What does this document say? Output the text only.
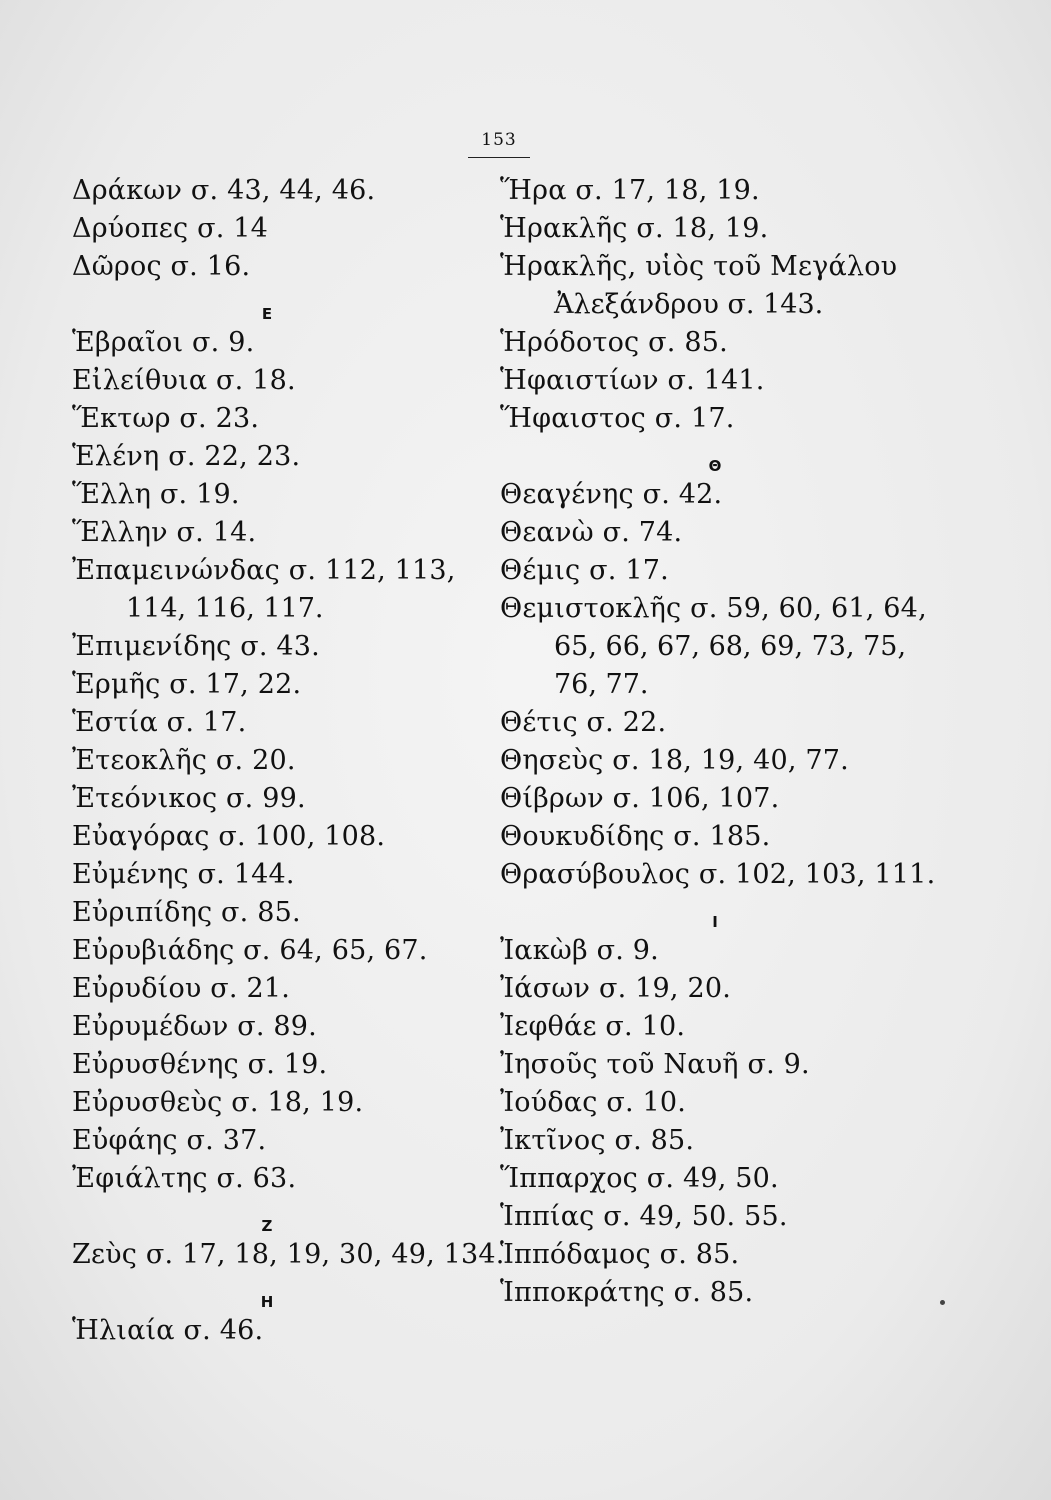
153
Δράκων σ. 43, 44, 46.
Δρύοπες σ. 14
Δῶρος σ. 16.
E
Ἑβραῖοι σ. 9.
Εἰλείθυια σ. 18.
Ἕκτωρ σ. 23.
Ἑλένη σ. 22, 23.
Ἕλλη σ. 19.
Ἕλλην σ. 14.
Ἐπαμεινώνδας σ. 112, 113,
114, 116, 117.
Ἐπιμενίδης σ. 43.
Ἑρμῆς σ. 17, 22.
Ἑστία σ. 17.
Ἐτεοκλῆς σ. 20.
Ἐτεόνικος σ. 99.
Εὐαγόρας σ. 100, 108.
Εὐμένης σ. 144.
Εὐριπίδης σ. 85.
Εὐρυβιάδης σ. 64, 65, 67.
Εὐρυδίου σ. 21.
Εὐρυμέδων σ. 89.
Εὐρυσθένης σ. 19.
Εὐρυσθεὺς σ. 18, 19.
Εὐφάης σ. 37.
Ἐφιάλτης σ. 63.
Z
Ζεὺς σ. 17, 18, 19, 30, 49, 134.
H
Ἡλιαία σ. 46.
Ἥρα σ. 17, 18, 19.
Ἡρακλῆς σ. 18, 19.
Ἡρακλῆς, υἱὸς τοῦ Μεγάλου
Ἀλεξάνδρου σ. 143.
Ἡρόδοτος σ. 85.
Ἡφαιστίων σ. 141.
Ἥφαιστος σ. 17.
Θ
Θεαγένης σ. 42.
Θεανὼ σ. 74.
Θέμις σ. 17.
Θεμιστοκλῆς σ. 59, 60, 61, 64,
65, 66, 67, 68, 69, 73, 75,
76, 77.
Θέτις σ. 22.
Θησεὺς σ. 18, 19, 40, 77.
Θίβρων σ. 106, 107.
Θουκυδίδης σ. 185.
Θρασύβουλος σ. 102, 103, 111.
I
Ἰακὼβ σ. 9.
Ἰάσων σ. 19, 20.
Ἰεφθάε σ. 10.
Ἰησοῦς τοῦ Ναυῆ σ. 9.
Ἰούδας σ. 10.
Ἰκτῖνος σ. 85.
Ἵππαρχος σ. 49, 50.
Ἱππίας σ. 49, 50. 55.
Ἱππόδαμος σ. 85.
Ἱπποκράτης σ. 85.
